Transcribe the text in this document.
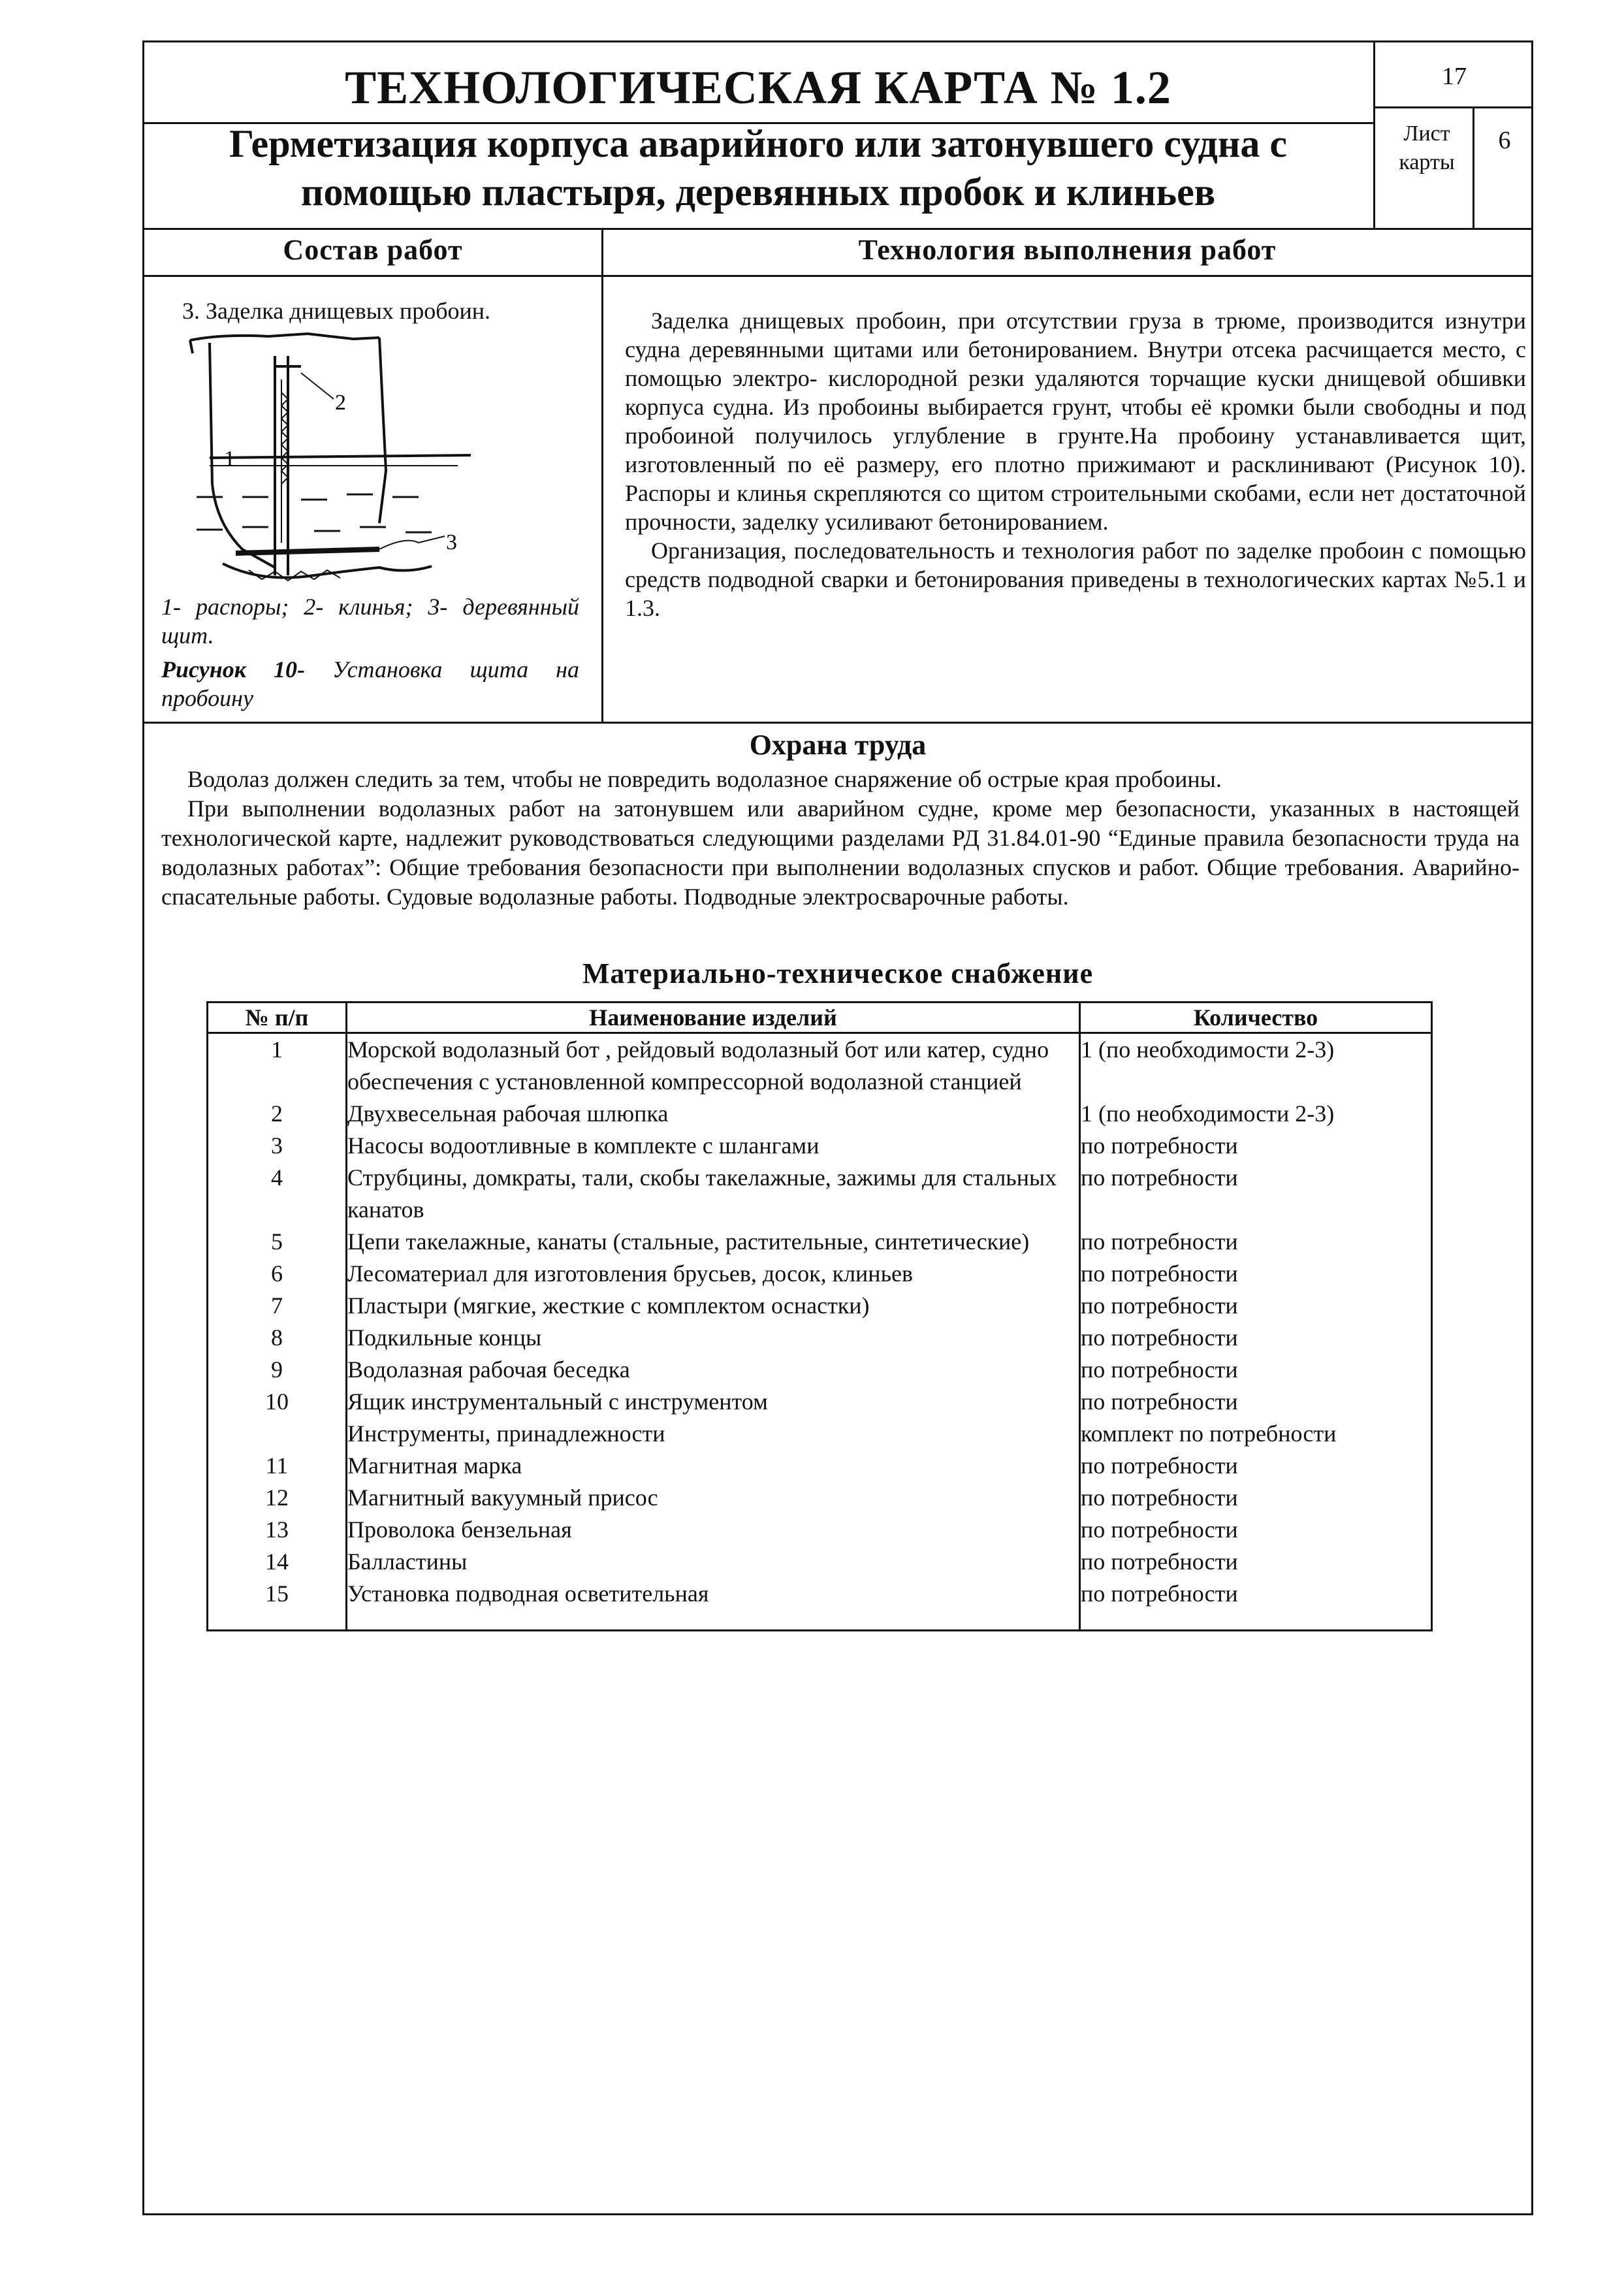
ТЕХНОЛОГИЧЕСКАЯ КАРТА № 1.2
Герметизация корпуса аварийного или затонувшего судна с
помощью пластыря, деревянных пробок и клиньев
17
Лист
карты
6
Состав работ	Технология выполнения работ
3. Заделка днищевых пробоин.
2
1
3
1- распоры; 2- клинья; 3- деревянный щит.
Рисунок 10- Установка щита на пробоину

Заделка днищевых пробоин, при отсутствии груза в трюме, производится изнутри судна деревянными щитами или бетонированием. Внутри отсека расчищается место, с помощью электро- кислородной резки удаляются торчащие куски днищевой обшивки корпуса судна. Из пробоины выбирается грунт, чтобы её кромки были свободны и под пробоиной получилось углубление в грунте.На пробоину устанавливается щит, изготовленный по её размеру, его плотно прижимают и расклинивают (Рисунок 10). Распоры и клинья скрепляются со щитом строительными скобами, если нет достаточной прочности, заделку усиливают бетонированием.

Организация, последовательность и технология работ по заделке пробоин с помощью средств подводной сварки и бетонирования приведены в технологических картах №5.1 и 1.3.

Охрана труда

Водолаз должен следить за тем, чтобы не повредить водолазное снаряжение об острые края пробоины.

При выполнении водолазных работ на затонувшем или аварийном судне, кроме мер безопасности, указанных в настоящей технологической карте, надлежит руководствоваться следующими разделами РД 31.84.01-90 “Единые правила безопасности труда на водолазных работах”: Общие требования безопасности при выполнении водолазных спусков и работ. Общие требования. Аварийно-спасательные работы. Судовые водолазные работы. Подводные электросварочные работы.

Материально-техническое снабжение
№ п/п	Наименование изделий	Количество
1	Морской водолазный бот , рейдовый водолазный бот или катер, судно обеспечения с установленной компрессорной водолазной станцией	1 (по необходимости 2-3)
2	Двухвесельная рабочая шлюпка	1 (по необходимости 2-3)
3	Насосы водоотливные в комплекте с шлангами	по потребности
4	Струбцины, домкраты, тали, скобы такелажные, зажимы для стальных канатов	по потребности
5	Цепи такелажные, канаты (стальные, растительные, синтетические)	по потребности
6	Лесоматериал для изготовления брусьев, досок, клиньев	по потребности
7	Пластыри (мягкие, жесткие с комплектом оснастки)	по потребности
8	Подкильные концы	по потребности
9	Водолазная рабочая беседка	по потребности
10	Ящик инструментальный с инструментом	по потребности
	Инструменты, принадлежности	комплект по потребности
11	Магнитная марка	по потребности
12	Магнитный вакуумный присос	по потребности
13	Проволока бензельная	по потребности
14	Балластины	по потребности
15	Установка подводная осветительная	по потребности
